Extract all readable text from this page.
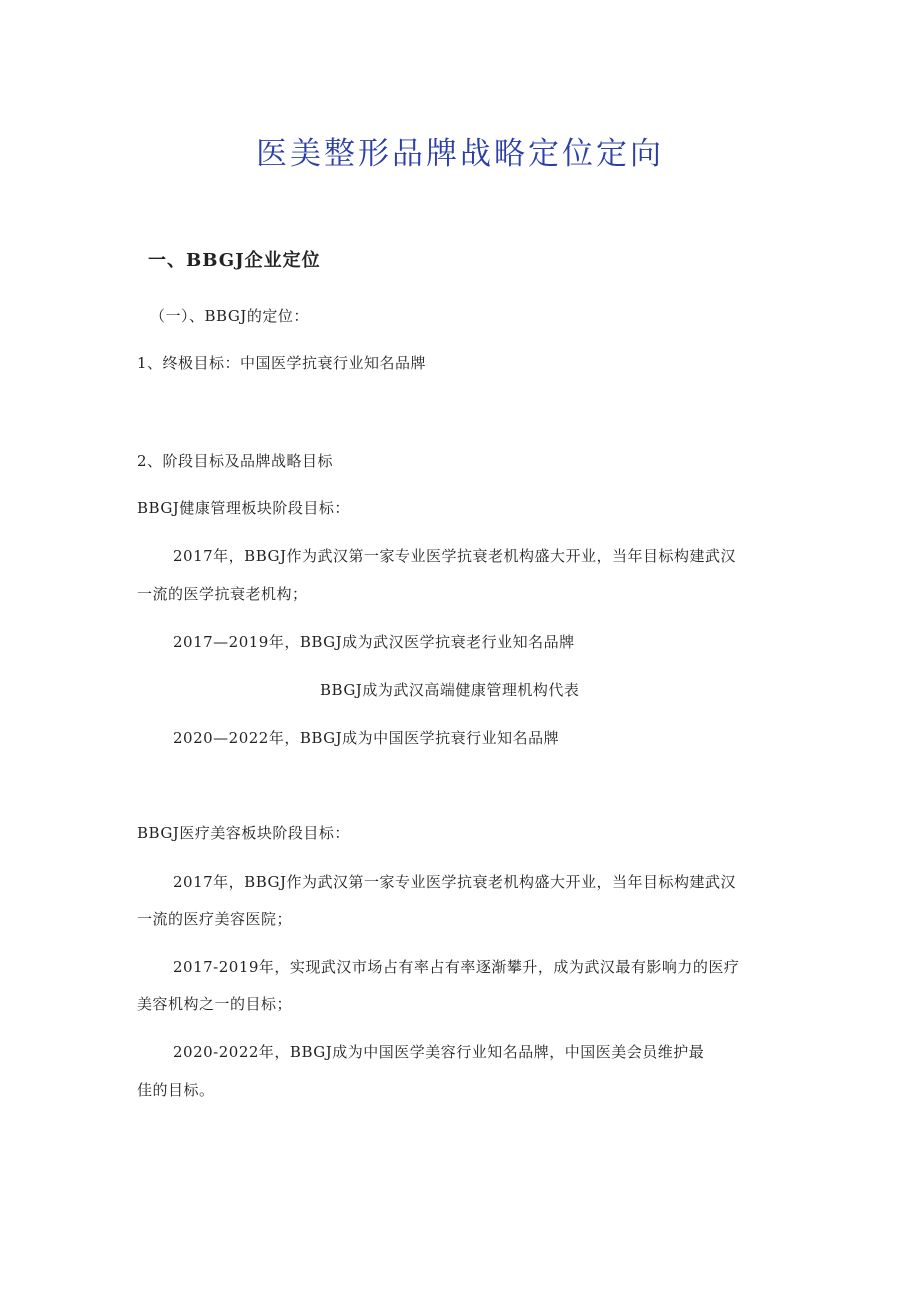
医美整形品牌战略定位定向
一、BBGJ企业定位
（一）、BBGJ的定位：
1、终极目标：中国医学抗衰行业知名品牌
2、阶段目标及品牌战略目标
BBGJ健康管理板块阶段目标：
2017年，BBGJ作为武汉第一家专业医学抗衰老机构盛大开业，当年目标构建武汉
一流的医学抗衰老机构；
2017—2019年，BBGJ成为武汉医学抗衰老行业知名品牌
BBGJ成为武汉高端健康管理机构代表
2020—2022年，BBGJ成为中国医学抗衰行业知名品牌
BBGJ医疗美容板块阶段目标：
2017年，BBGJ作为武汉第一家专业医学抗衰老机构盛大开业，当年目标构建武汉
一流的医疗美容医院；
2017-2019年，实现武汉市场占有率占有率逐渐攀升，成为武汉最有影响力的医疗
美容机构之一的目标；
2020-2022年，BBGJ成为中国医学美容行业知名品牌，中国医美会员维护最
佳的目标。
